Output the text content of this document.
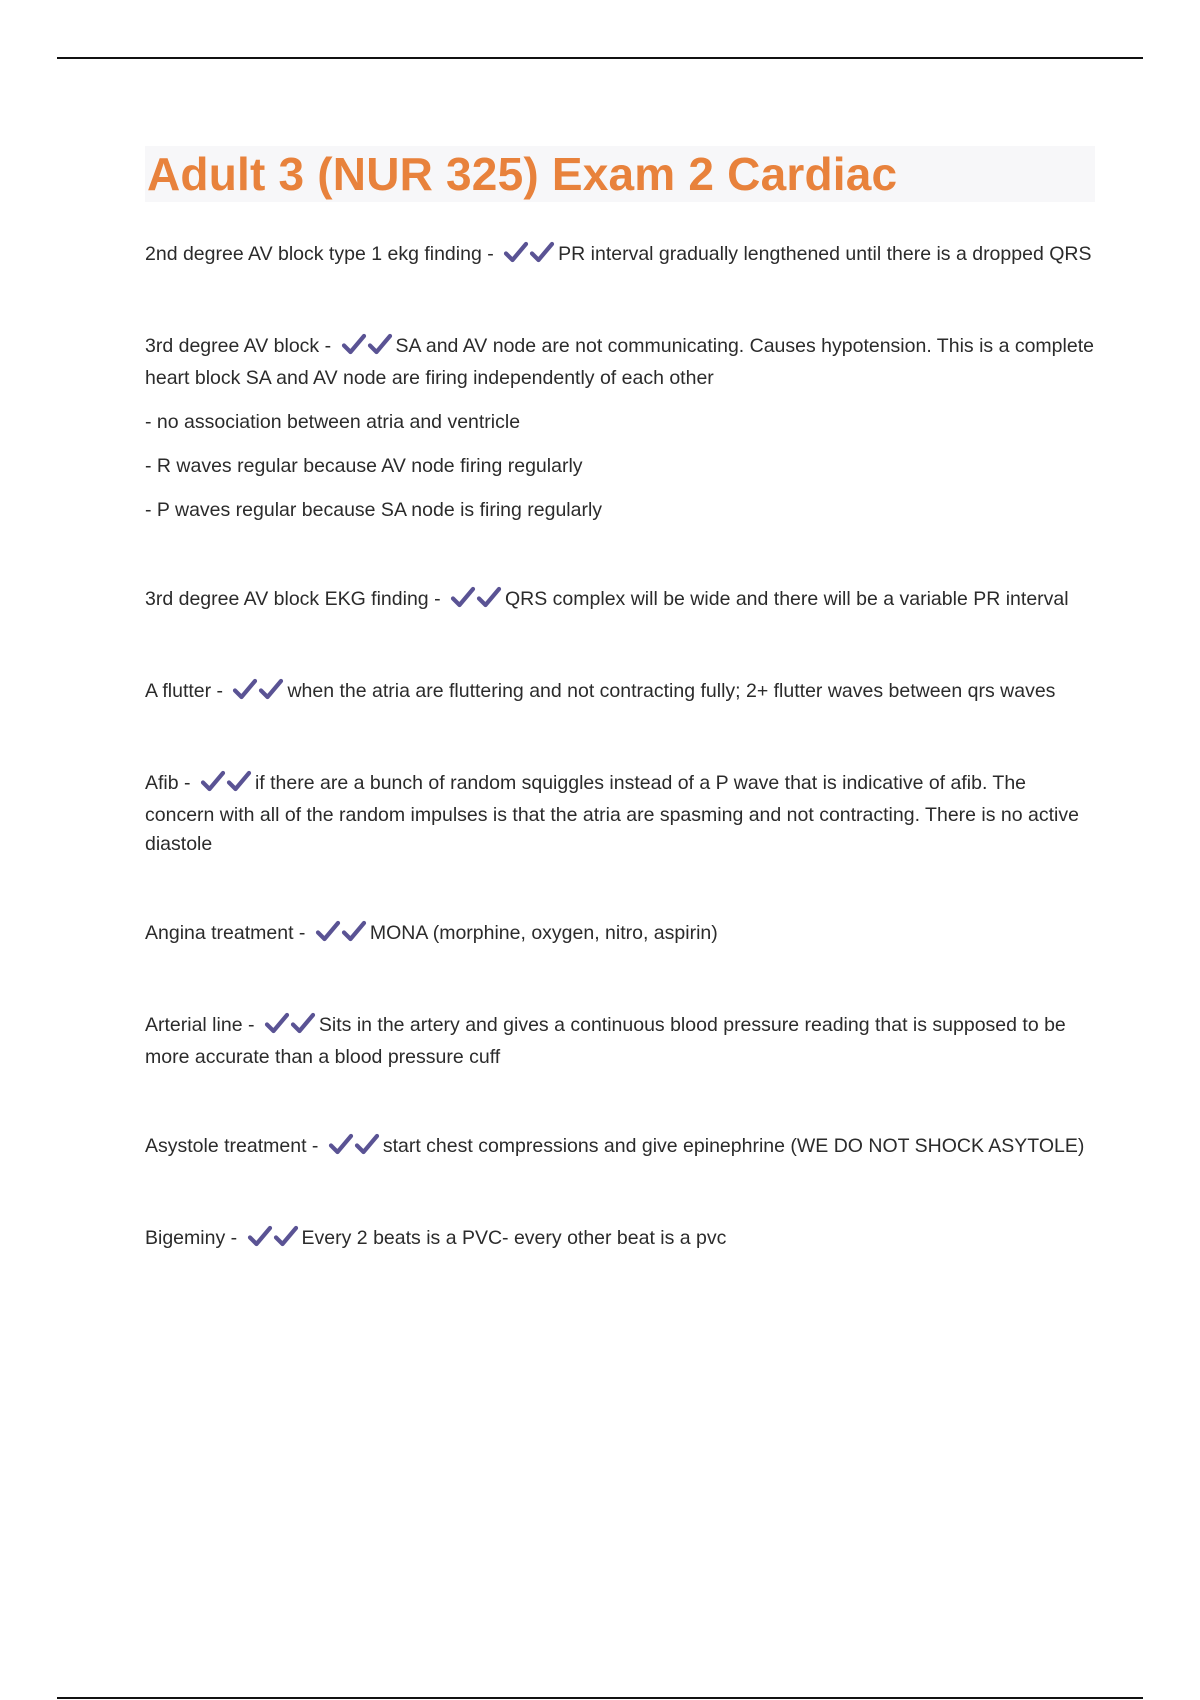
Adult 3 (NUR 325) Exam 2 Cardiac

2nd degree AV block type 1 ekg finding -	PR interval gradually lengthened until there is a dropped QRS

3rd degree AV block -	SA and AV node are not communicating. Causes hypotension. This is a complete heart block SA and AV node are firing independently of each other

- no association between atria and ventricle

- R waves regular because AV node firing regularly

- P waves regular because SA node is firing regularly

3rd degree AV block EKG finding -	QRS complex will be wide and there will be a variable PR interval

A flutter -	when the atria are fluttering and not contracting fully; 2+ flutter waves between qrs waves

Afib -	if there are a bunch of random squiggles instead of a P wave that is indicative of afib. The concern with all of the random impulses is that the atria are spasming and not contracting. There is no active diastole

Angina treatment -	MONA (morphine, oxygen, nitro, aspirin)

Arterial line -	Sits in the artery and gives a continuous blood pressure reading that is supposed to be more accurate than a blood pressure cuff

Asystole treatment -	start chest compressions and give epinephrine (WE DO NOT SHOCK ASYTOLE)

Bigeminy -	Every 2 beats is a PVC- every other beat is a pvc
